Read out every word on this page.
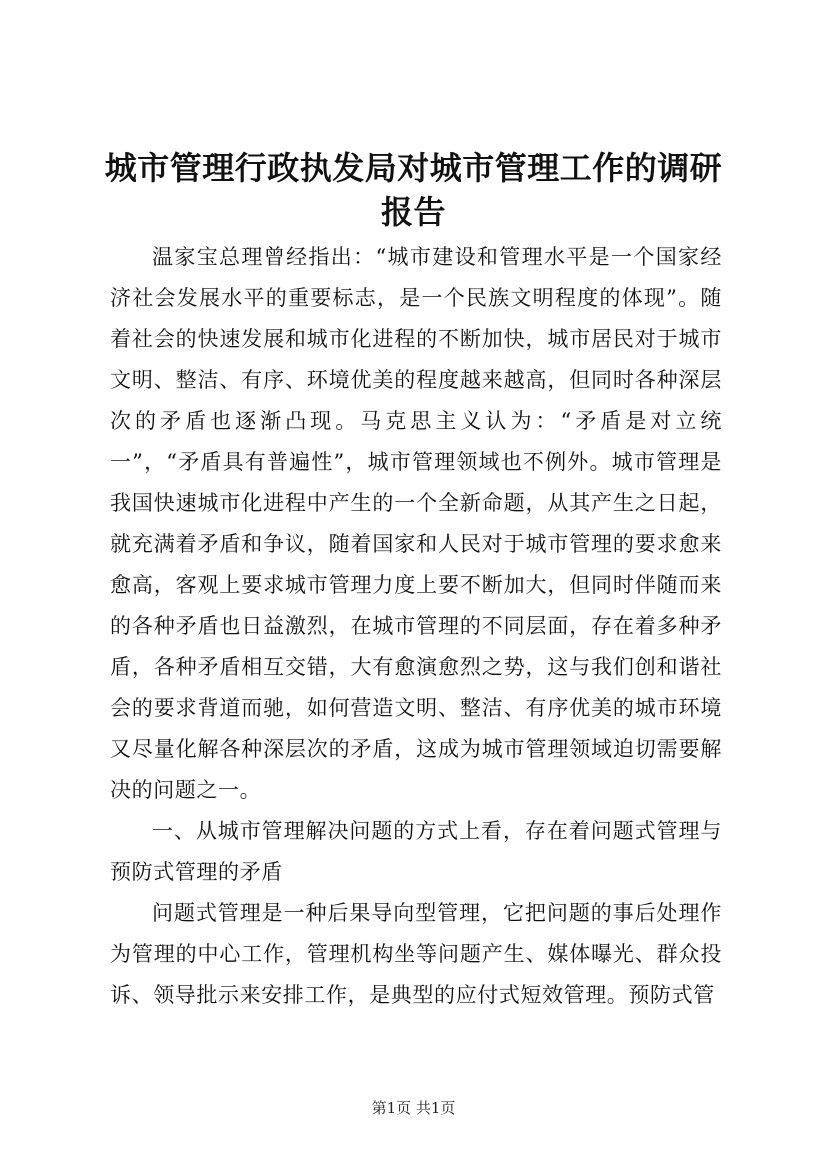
城市管理行政执发局对城市管理工作的调研报告

温家宝总理曾经指出：“城市建设和管理水平是一个国家经济社会发展水平的重要标志，是一个民族文明程度的体现”。随着社会的快速发展和城市化进程的不断加快，城市居民对于城市文明、整洁、有序、环境优美的程度越来越高，但同时各种深层次的矛盾也逐渐凸现。马克思主义认为：“矛盾是对立统一”，“矛盾具有普遍性”，城市管理领域也不例外。城市管理是我国快速城市化进程中产生的一个全新命题，从其产生之日起，就充满着矛盾和争议，随着国家和人民对于城市管理的要求愈来愈高，客观上要求城市管理力度上要不断加大，但同时伴随而来的各种矛盾也日益激烈，在城市管理的不同层面，存在着多种矛盾，各种矛盾相互交错，大有愈演愈烈之势，这与我们创和谐社会的要求背道而驰，如何营造文明、整洁、有序优美的城市环境又尽量化解各种深层次的矛盾，这成为城市管理领域迫切需要解决的问题之一。

一、从城市管理解决问题的方式上看，存在着问题式管理与预防式管理的矛盾

问题式管理是一种后果导向型管理，它把问题的事后处理作为管理的中心工作，管理机构坐等问题产生、媒体曝光、群众投诉、领导批示来安排工作，是典型的应付式短效管理。预防式管

第1页 共1页
